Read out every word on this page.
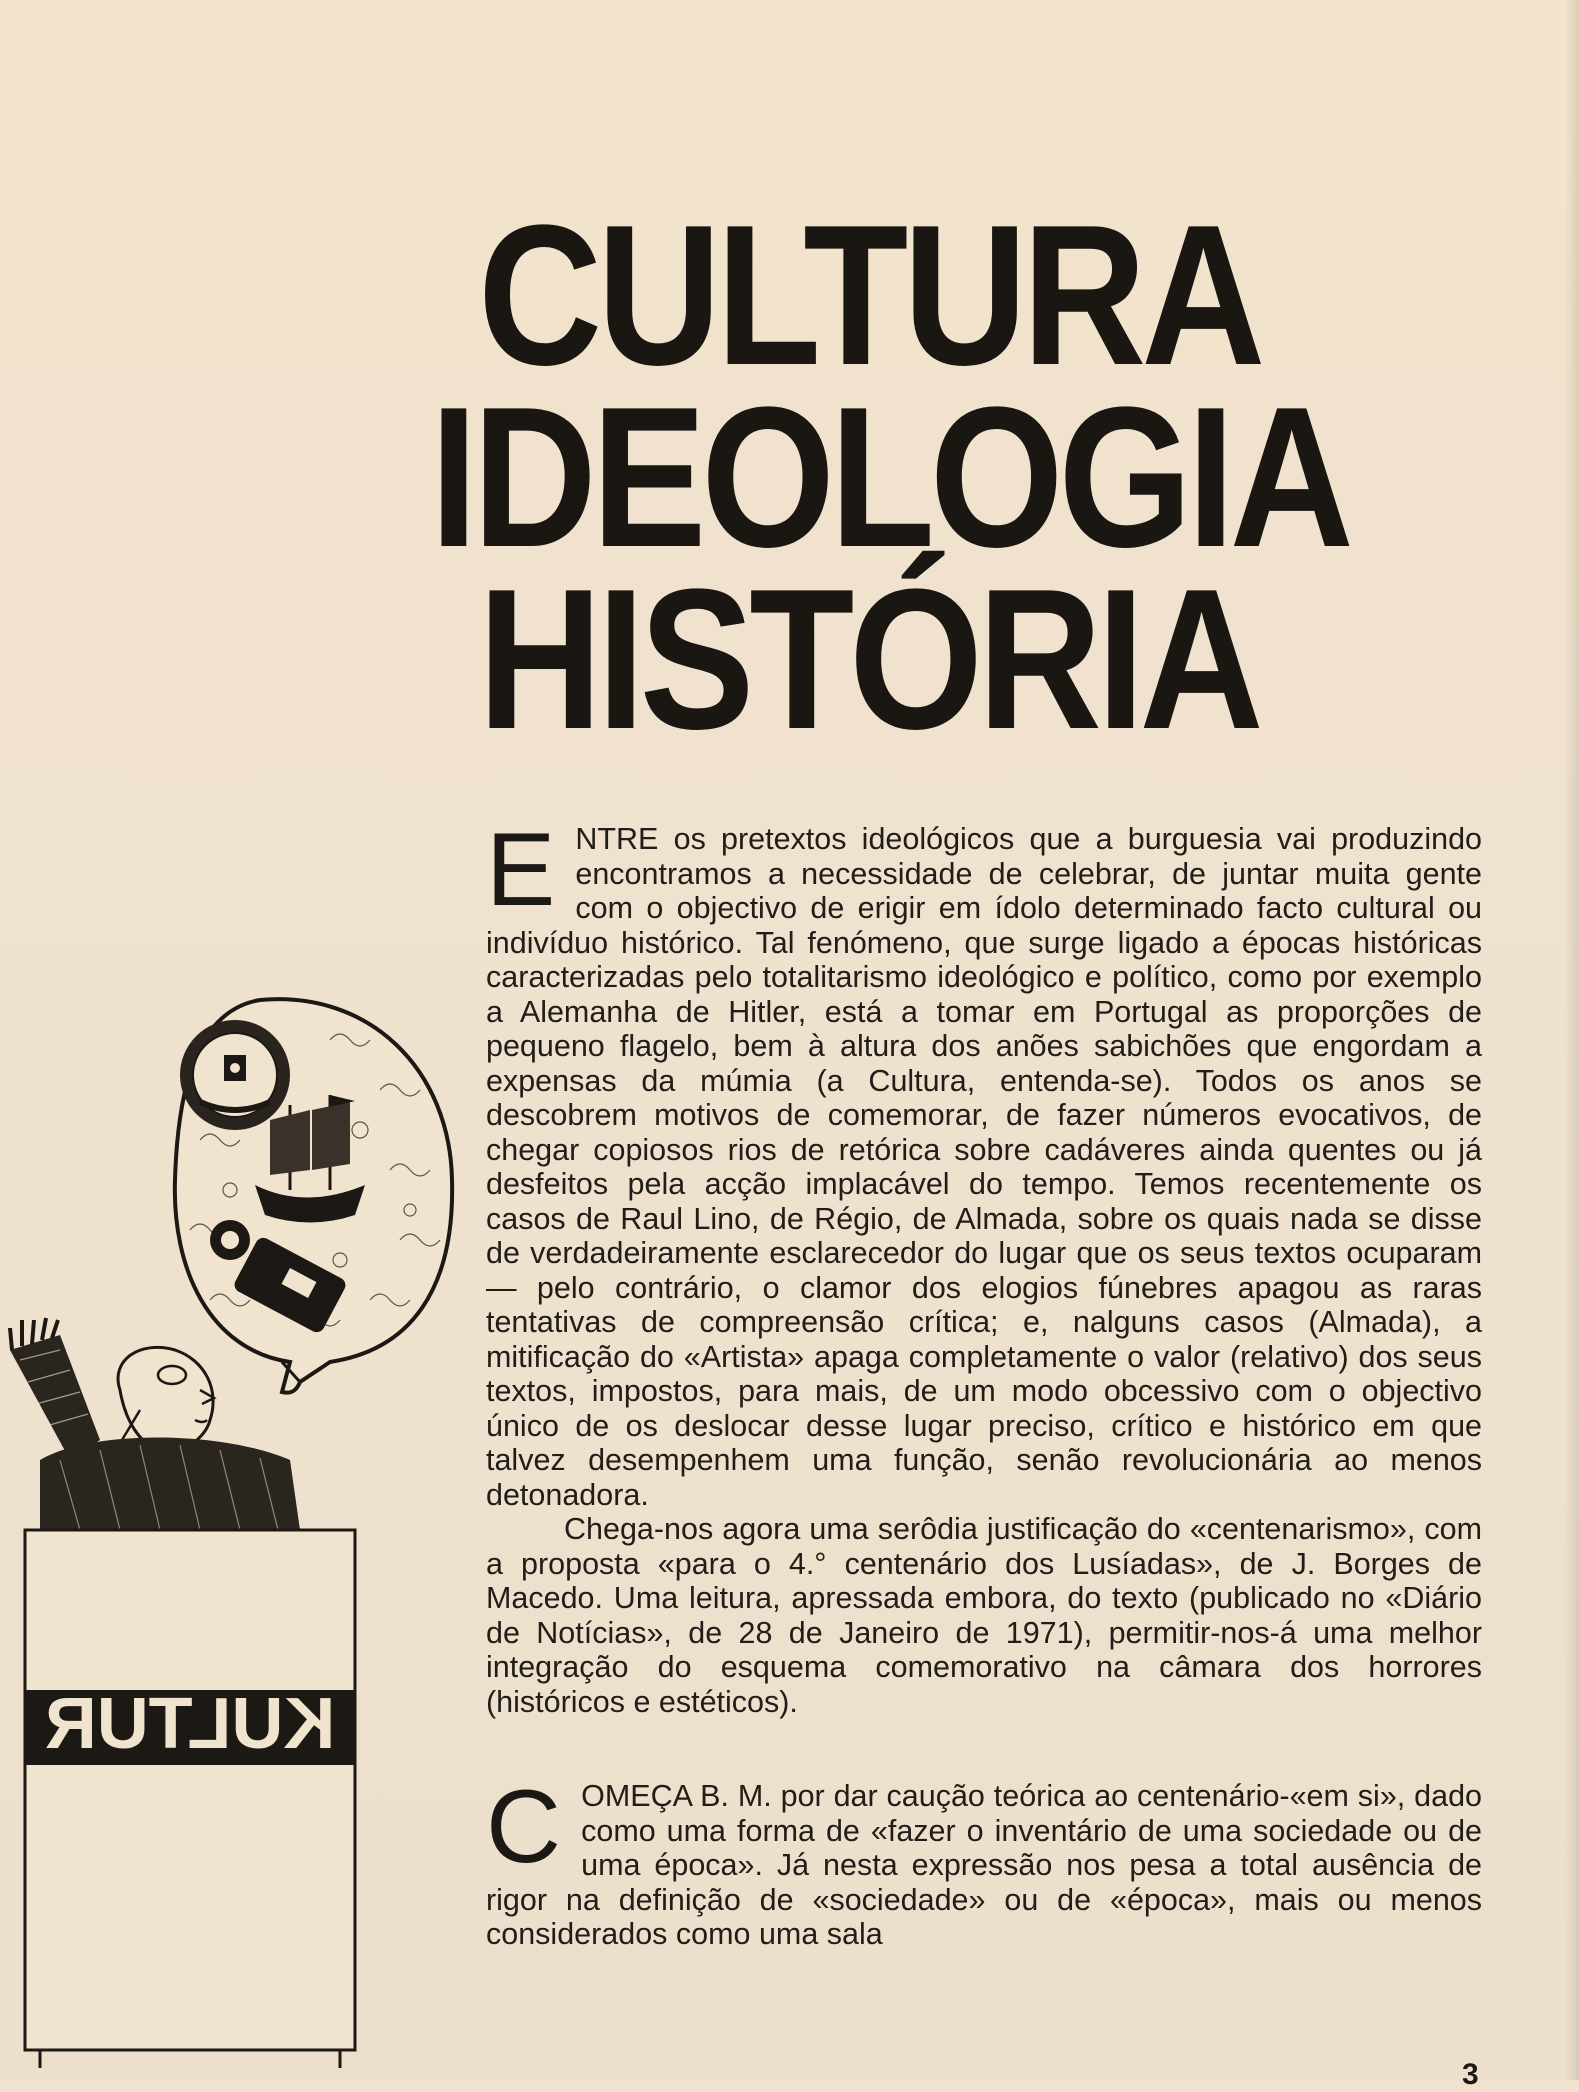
CULTURA
IDEOLOGIA
HISTÓRIA
KULTUR

ENTRE os pretextos ideológicos que a burguesia vai produzindo encontramos a necessidade de celebrar, de juntar muita gente com o objectivo de erigir em ídolo determinado facto cultural ou indivíduo histórico. Tal fenómeno, que surge ligado a épocas históricas caracterizadas pelo totalitarismo ideológico e político, como por exemplo a Alemanha de Hitler, está a tomar em Portugal as proporções de pequeno flagelo, bem à altura dos anões sabichões que engordam a expensas da múmia (a Cultura, entenda-se). Todos os anos se descobrem motivos de comemorar, de fazer números evocativos, de chegar copiosos rios de retórica sobre cadáveres ainda quentes ou já desfeitos pela acção implacável do tempo. Temos recentemente os casos de Raul Lino, de Régio, de Almada, sobre os quais nada se disse de verdadeiramente esclarecedor do lugar que os seus textos ocuparam — pelo contrário, o clamor dos elogios fúnebres apagou as raras tentativas de compreensão crítica; e, nalguns casos (Almada), a mitificação do «Artista» apaga completamente o valor (relativo) dos seus textos, impostos, para mais, de um modo obcessivo com o objectivo único de os deslocar desse lugar preciso, crítico e histórico em que talvez desempenhem uma função, senão revolucionária ao menos detonadora.

Chega-nos agora uma serôdia justificação do «centenarismo», com a proposta «para o 4.° centenário dos Lusíadas», de J. Borges de Macedo. Uma leitura, apressada embora, do texto (publicado no «Diário de Notícias», de 28 de Janeiro de 1971), permitir-nos-á uma melhor integração do esquema comemorativo na câmara dos horrores (históricos e estéticos).

COMEÇA B. M. por dar caução teórica ao centenário-«em si», dado como uma forma de «fazer o inventário de uma sociedade ou de uma época». Já nesta expressão nos pesa a total ausência de rigor na definição de «sociedade» ou de «época», mais ou menos considerados como uma sala

3
